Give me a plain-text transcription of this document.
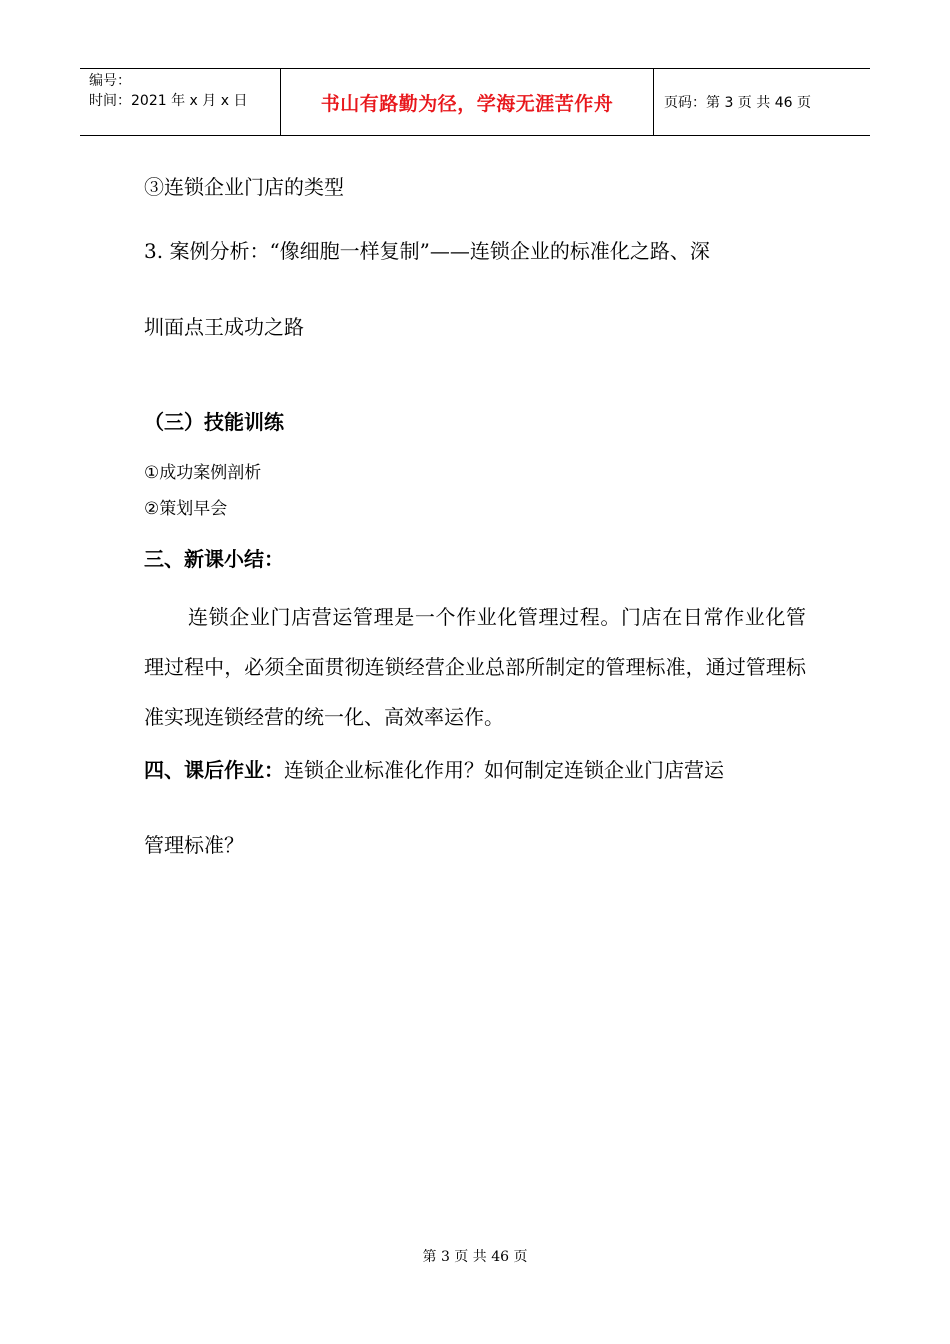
编号：
时间：2021 年 x 月 x 日	书山有路勤为径，学海无涯苦作舟	页码：第 3 页 共 46 页
③连锁企业门店的类型
3. 案例分析：“像细胞一样复制”——连锁企业的标准化之路、深
圳面点王成功之路
（三）技能训练
①成功案例剖析
②策划早会
三、新课小结：
连锁企业门店营运管理是一个作业化管理过程。门店在日常作业化管理过程中，必须全面贯彻连锁经营企业总部所制定的管理标准，通过管理标准实现连锁经营的统一化、高效率运作。
四、课后作业：连锁企业标准化作用？如何制定连锁企业门店营运
管理标准？
第 3 页 共 46 页
